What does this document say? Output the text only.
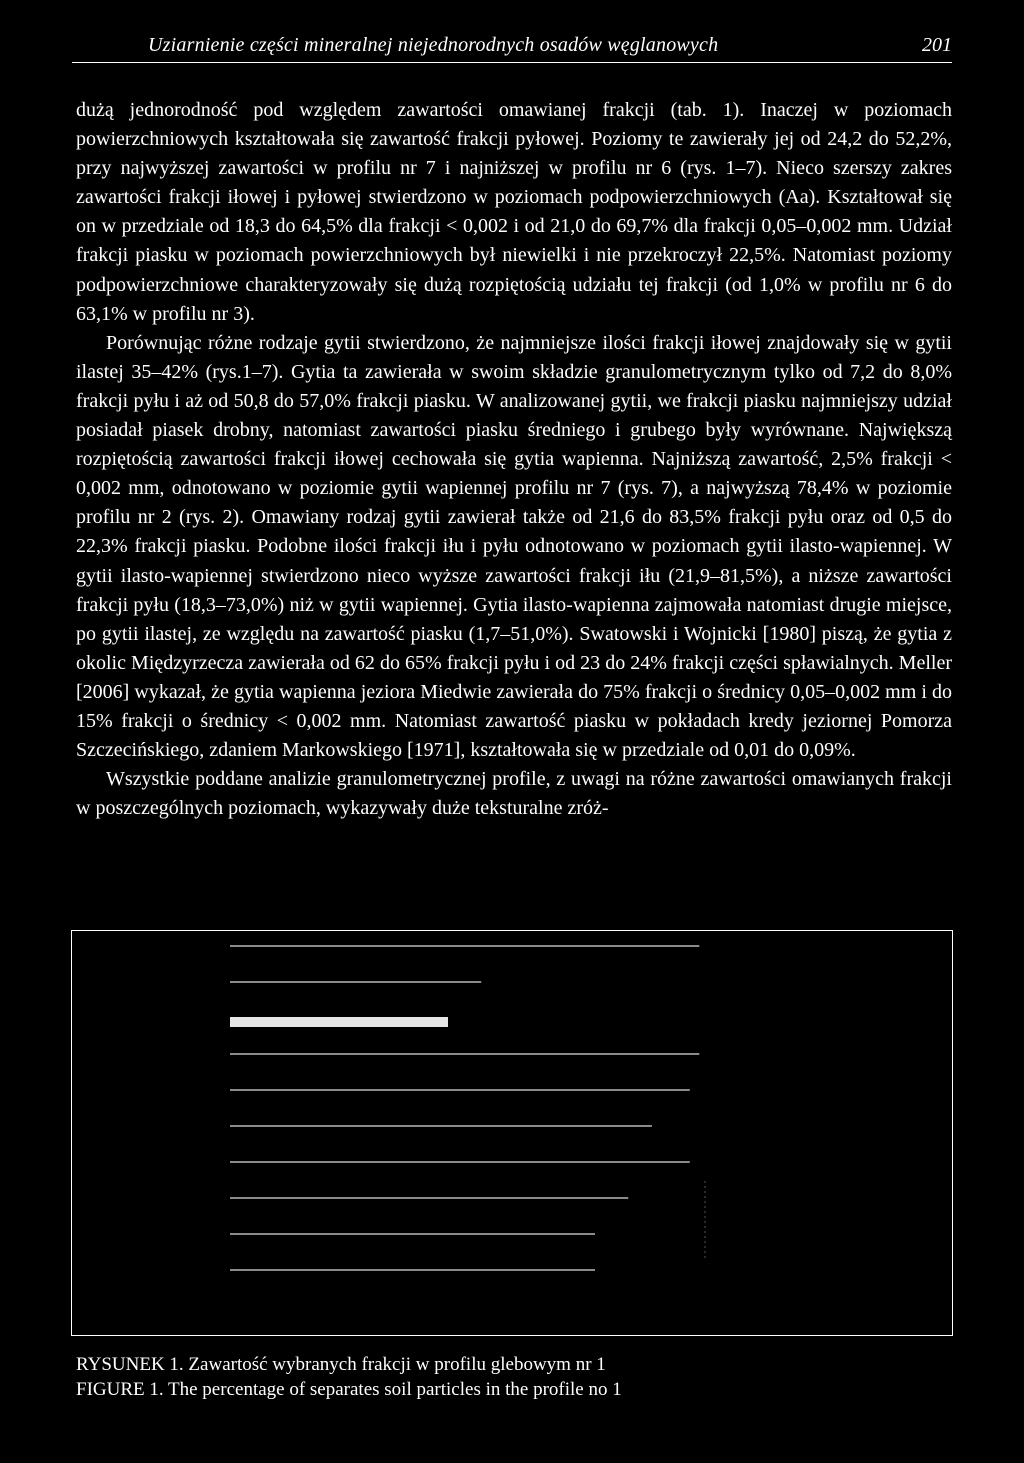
Uziarnienie części mineralnej niejednorodnych osadów węglanowych	201

dużą jednorodność pod względem zawartości omawianej frakcji (tab. 1). Inaczej w poziomach powierzchniowych kształtowała się zawartość frakcji pyłowej. Poziomy te zawierały jej od 24,2 do 52,2%, przy najwyższej zawartości w profilu nr 7 i najniższej w profilu nr 6 (rys. 1–7). Nieco szerszy zakres zawartości frakcji iłowej i pyłowej stwierdzono w poziomach podpowierzchniowych (Aa). Kształtował się on w przedziale od 18,3 do 64,5% dla frakcji < 0,002 i od 21,0 do 69,7% dla frakcji 0,05–0,002 mm. Udział frakcji piasku w poziomach powierzchniowych był niewielki i nie przekroczył 22,5%. Natomiast poziomy podpowierzchniowe charakteryzowały się dużą rozpiętością udziału tej frakcji (od 1,0% w profilu nr 6 do 63,1% w profilu nr 3).

Porównując różne rodzaje gytii stwierdzono, że najmniejsze ilości frakcji iłowej znajdowały się w gytii ilastej 35–42% (rys.1–7). Gytia ta zawierała w swoim składzie granulometrycznym tylko od 7,2 do 8,0% frakcji pyłu i aż od 50,8 do 57,0% frakcji piasku. W analizowanej gytii, we frakcji piasku najmniejszy udział posiadał piasek drobny, natomiast zawartości piasku średniego i grubego były wyrównane. Największą rozpiętością zawartości frakcji iłowej cechowała się gytia wapienna. Najniższą zawartość, 2,5% frakcji < 0,002 mm, odnotowano w poziomie gytii wapiennej profilu nr 7 (rys. 7), a najwyższą 78,4% w poziomie profilu nr 2 (rys. 2). Omawiany rodzaj gytii zawierał także od 21,6 do 83,5% frakcji pyłu oraz od 0,5 do 22,3% frakcji piasku. Podobne ilości frakcji iłu i pyłu odnotowano w poziomach gytii ilasto-wapiennej. W gytii ilasto-wapiennej stwierdzono nieco wyższe zawartości frakcji iłu (21,9–81,5%), a niższe zawartości frakcji pyłu (18,3–73,0%) niż w gytii wapiennej. Gytia ilasto-wapienna zajmowała natomiast drugie miejsce, po gytii ilastej, ze względu na zawartość piasku (1,7–51,0%). Swatowski i Wojnicki [1980] piszą, że gytia z okolic Międzyrzecza zawierała od 62 do 65% frakcji pyłu i od 23 do 24% frakcji części spławialnych. Meller [2006] wykazał, że gytia wapienna jeziora Miedwie zawierała do 75% frakcji o średnicy 0,05–0,002 mm i do 15% frakcji o średnicy < 0,002 mm. Natomiast zawartość piasku w pokładach kredy jeziornej Pomorza Szczecińskiego, zdaniem Markowskiego [1971], kształtowała się w przedziale od 0,01 do 0,09%.

Wszystkie poddane analizie granulometrycznej profile, z uwagi na różne zawartości omawianych frakcji w poszczególnych poziomach, wykazywały duże teksturalne zróż-

RYSUNEK 1. Zawartość wybranych frakcji w profilu glebowym nr 1
FIGURE 1. The percentage of separates soil particles in the profile no 1
